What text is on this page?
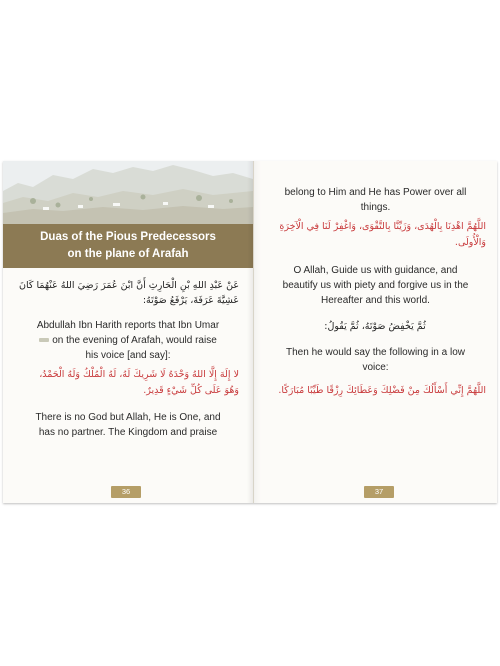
Duas of the Pious Predecessors
on the plane of Arafah
عَنْ عَبْدِ اللهِ بْنِ الْحَارِثِ أَنَّ ابْنَ عُمَرَ رَضِيَ اللهُ عَنْهُمَا كَانَ
عَشِيَّةَ عَرَفَةَ، يَرْفَعُ صَوْتَهُ:
Abdullah Ibn Harith reports that Ibn Umar
on the evening of Arafah, would raise
his voice [and say]:
لا إِلَهَ إِلَّا اللهُ وَحْدَهُ لَا شَرِيكَ لَهُ، لَهُ الْمُلْكُ وَلَهُ الْحَمْدُ،
وَهُوَ عَلَى كُلِّ شَيْءٍ قَدِيرٌ.
There is no God but Allah, He is One, and
has no partner. The Kingdom and praise
36
belong to Him and He has Power over all
things.
اللَّهُمَّ اهْدِنَا بِالْهُدَى، وَزَيِّنَّا بِالتَّقْوَى، وَاغْفِرْ لَنَا فِي الْآخِرَةِ
وَالْأُولَى.
O Allah, Guide us with guidance, and
beautify us with piety and forgive us in the
Hereafter and this world.
ثُمَّ يَخْفِضُ صَوْتَهُ، ثُمَّ يَقُولُ:
Then he would say the following in a low
voice:
اللَّهُمَّ إِنِّي أَسْأَلُكَ مِنْ فَضْلِكَ وَعَطَائِكَ رِزْقًا طَيِّبًا مُبَارَكًا.
37
